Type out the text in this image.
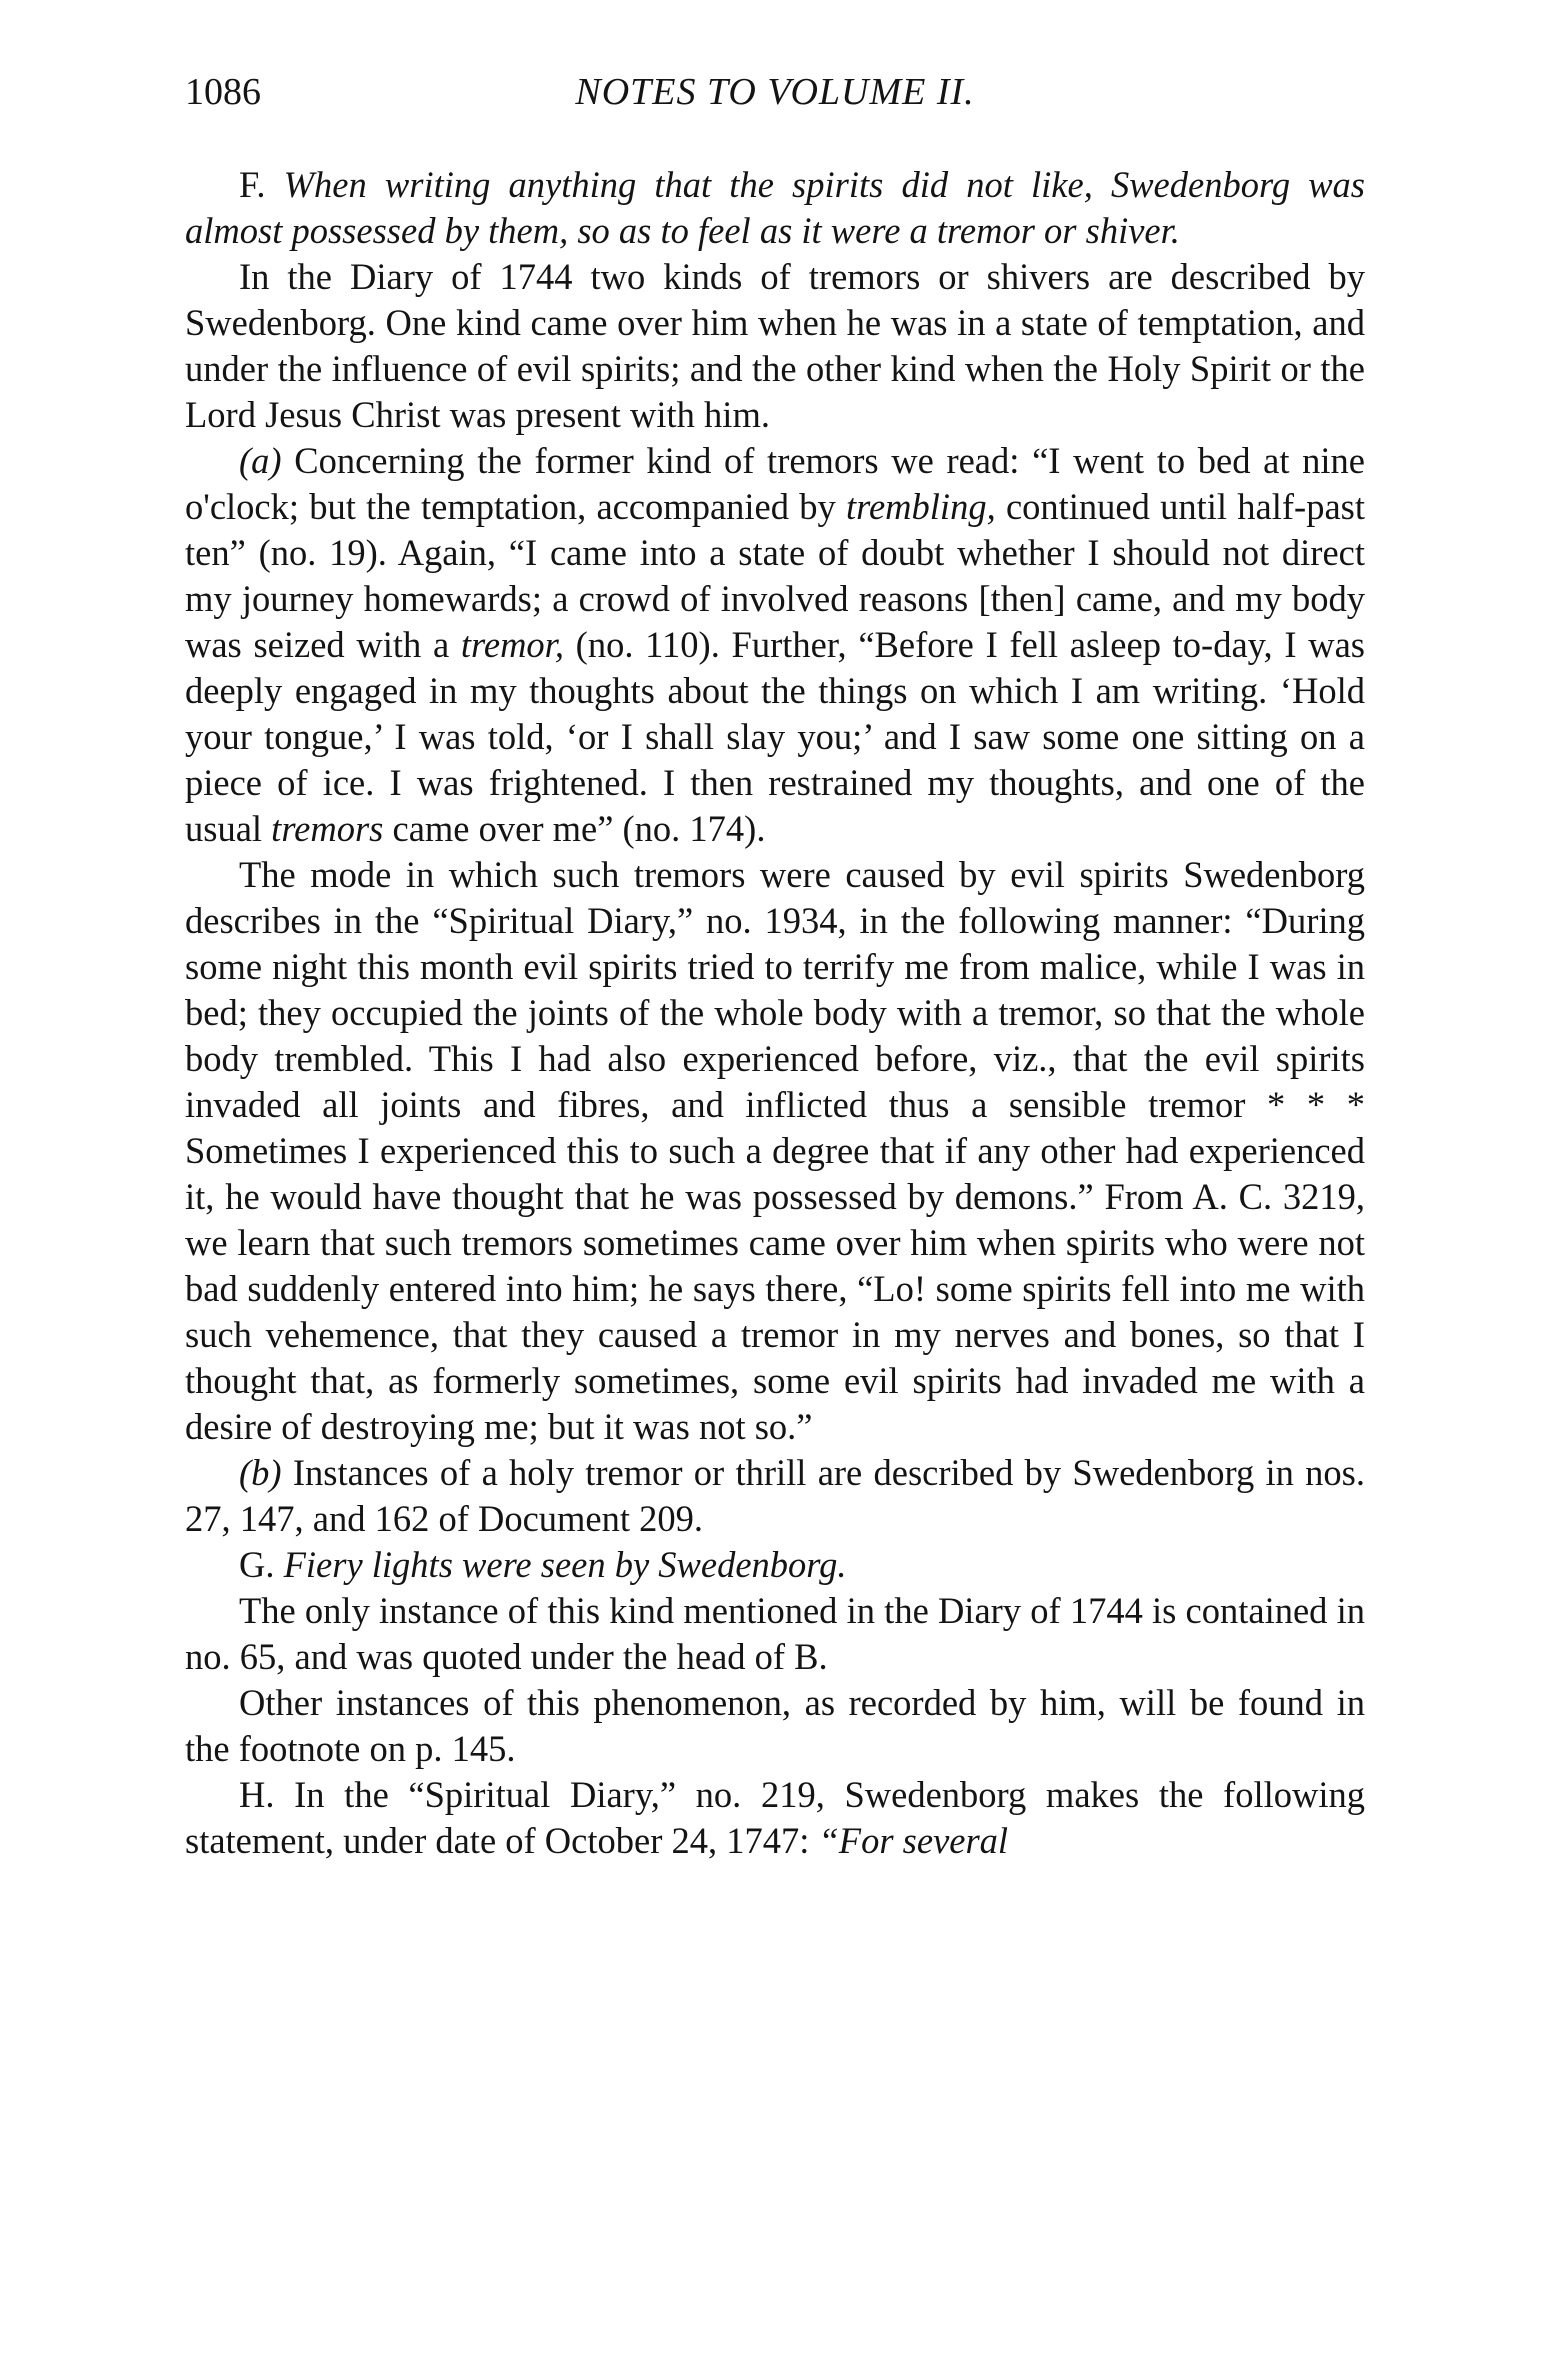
1086	NOTES TO VOLUME II.

F. When writing anything that the spirits did not like, Swedenborg was almost possessed by them, so as to feel as it were a tremor or shiver.

In the Diary of 1744 two kinds of tremors or shivers are described by Swedenborg. One kind came over him when he was in a state of temptation, and under the influence of evil spirits; and the other kind when the Holy Spirit or the Lord Jesus Christ was present with him.

(a) Concerning the former kind of tremors we read: “I went to bed at nine o'clock; but the temptation, accompanied by trembling, continued until half-past ten” (no. 19). Again, “I came into a state of doubt whether I should not direct my journey homewards; a crowd of involved reasons [then] came, and my body was seized with a tremor, (no. 110). Further, “Before I fell asleep to-day, I was deeply engaged in my thoughts about the things on which I am writing. ‘Hold your tongue,’ I was told, ‘or I shall slay you;’ and I saw some one sitting on a piece of ice. I was frightened. I then restrained my thoughts, and one of the usual tremors came over me” (no. 174).

The mode in which such tremors were caused by evil spirits Swedenborg describes in the “Spiritual Diary,” no. 1934, in the following manner: “During some night this month evil spirits tried to terrify me from malice, while I was in bed; they occupied the joints of the whole body with a tremor, so that the whole body trembled. This I had also experienced before, viz., that the evil spirits invaded all joints and fibres, and inflicted thus a sensible tremor * * * Sometimes I experienced this to such a degree that if any other had experienced it, he would have thought that he was possessed by demons.” From A. C. 3219, we learn that such tremors sometimes came over him when spirits who were not bad suddenly entered into him; he says there, “Lo! some spirits fell into me with such vehemence, that they caused a tremor in my nerves and bones, so that I thought that, as formerly sometimes, some evil spirits had invaded me with a desire of destroying me; but it was not so.”

(b) Instances of a holy tremor or thrill are described by Swedenborg in nos. 27, 147, and 162 of Document 209.

G. Fiery lights were seen by Swedenborg.

The only instance of this kind mentioned in the Diary of 1744 is contained in no. 65, and was quoted under the head of B.

Other instances of this phenomenon, as recorded by him, will be found in the footnote on p. 145.

H. In the “Spiritual Diary,” no. 219, Swedenborg makes the following statement, under date of October 24, 1747: “For several
